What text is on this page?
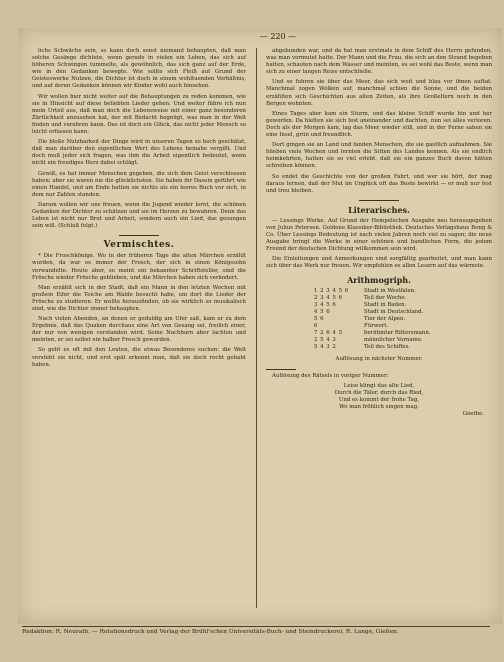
— 220 —

lichs Schwäche sein, so kann doch sonst niemand behaupten, daß man solche Gesänge dichtete, wenn gerade in vielen ein Leben, das sich auf höheren Schwingen tummelte, als gewöhnlich, das sich ganz auf der Erde, wie in den Gedanken bewegte. Wie sollte sich Fleiß auf Grund der Geisteswerke Nutzen, die Dichter ist doch in einem wohltuenden Verhältnis, und auf deren Gedanken können wir Kinder wohl auch hinsehen.

Wir wollen hier nicht weiter auf die Behauptungen zu reden kommen, wie sie in Hinsicht auf diese beliebten Lieder gehen. Und weiter führe ich nun mein Urteil aus, daß man doch die Lebensweise mit einer ganz besonderen Zärtlichkeit anzusehen hat, der mit Bedacht begnügt, was man in der Welt finden und verehren kann. Das ist doch ein Glück, das nicht jeder Mensch so leicht erfassen kann.

Die bloße Nutzbarkeit der Dinge wird in unseren Tagen so hoch geschätzt, daß man darüber den eigentlichen Wert des Lebens beinahe vergißt. Und doch muß jeder sich fragen, was ihm die Arbeit eigentlich bedeutet, wenn nicht ein freudiges Herz dabei schlägt.

Gewiß, es hat immer Menschen gegeben, die sich dem Geist verschlossen haben; aber sie waren nie die glücklichsten. Sie haben ihr Dasein geführt wie einen Handel, und am Ende hatten sie nichts als ein leeres Buch vor sich, in dem nur Zahlen standen.

Darum wollen wir uns freuen, wenn die Jugend wieder lernt, die schönen Gedanken der Dichter zu schätzen und sie im Herzen zu bewahren. Denn das Leben ist nicht nur Brot und Arbeit, sondern auch ein Lied, das gesungen sein will. (Schluß folgt.)

Vermischtes.

* Die Froschkönige. Wo in der früheren Tage die alten Märchen erzählt wurden, da war es immer der Frosch, der sich in einen Königssohn verwandelte. Heute aber, so meint ein bekannter Schriftsteller, sind die Frösche wieder Frösche geblieben, und die Märchen haben sich verändert.

Man erzählt sich in der Stadt, daß ein Mann in den letzten Wochen mit großem Eifer die Teiche am Walde besucht habe, um dort die Lieder der Frösche zu studieren. Er wollte herausfinden, ob sie wirklich so musikalisch sind, wie die Dichter immer behaupten.

Nach vielen Abenden, an denen er geduldig am Ufer saß, kam er zu dem Ergebnis, daß das Quaken durchaus eine Art von Gesang sei, freilich einer, der nur von wenigen verstanden wird. Seine Nachbarn aber lachten und meinten, er sei selbst ein halber Frosch geworden.

So geht es oft mit den Leuten, die etwas Besonderes suchen: die Welt versteht sie nicht, und erst spät erkennt man, daß sie doch recht gehabt haben.

abgebunden war, und da hat man erstmals in dem Schiff des Herrn gefunden, was man vermutet hatte. Der Mann und die Frau, die sich an den Strand begeben hatten, schauten nach dem Wasser und meinten, es sei wohl das Beste, wenn man sich zu einer langen Reise entschließe.

Und so fuhren sie über das Meer, das sich weit und blau vor ihnen auftat. Manchmal zogen Wolken auf, manchmal schien die Sonne, und die beiden erzählten sich Geschichten aus alten Zeiten, als ihre Großeltern noch in den Bergen wohnten.

Eines Tages aber kam ein Sturm, und das kleine Schiff wurde hin und her geworfen. Da hielten sie sich fest aneinander und dachten, nun sei alles verloren. Doch als der Morgen kam, lag das Meer wieder still, und in der Ferne sahen sie eine Insel, grün und freundlich.

Dort gingen sie an Land und fanden Menschen, die sie gastlich aufnahmen. Sie blieben viele Wochen und lernten die Sitten des Landes kennen. Als sie endlich heimkehrten, hatten sie so viel erlebt, daß sie ein ganzes Buch davon hätten schreiben können.

So endet die Geschichte von der großen Fahrt, und wer sie hört, der mag daraus lernen, daß der Mut im Unglück oft das Beste bewirkt — er muß nur fest und treu bleiben.

Literarisches.

— Lessings Werke. Auf Grund der Hempelschen Ausgabe neu herausgegeben von Julius Petersen. Goldene Klassiker-Bibliothek. Deutsches Verlagshaus Bong & Co. Über Lessings Bedeutung ist nach vielen Jahren noch viel zu sagen; die neue Ausgabe bringt die Werke in einer schönen und handlichen Form, die jedem Freund der deutschen Dichtung willkommen sein wird.

Die Einleitungen und Anmerkungen sind sorgfältig gearbeitet, und man kann sich über das Werk nur freuen. Wir empfehlen es allen Lesern auf das wärmste.

Arithmogriph.
1 2 3 4 5 6	Stadt in Westfalen.
2 3 4 5 6	Teil der Woche.
3 4 5 6	Stadt in Baden.
4 5 6	Stadt in Deutschland.
5 6	Tier der Alpen.
6	Fürwort.
7 2 6 4 5	berühmter Rittersmann.
2 5 4 3	männlicher Vorname.
5 4 3 2	Teil des Schiffes.

Auflösung in nächster Nummer.

Auflösung des Rätsels in voriger Nummer:

Leise klingt das alte Lied,
Durch die Täler, durch das Ried,
Und es kommt der frohe Tag,
Wo man fröhlich singen mag.
Goethe.
Redaktion: R. Neurath. — Rotationsdruck und Verlag der Brühl'schen Universitäts-Buch- und Steindruckerei, R. Lange, Gießen.
